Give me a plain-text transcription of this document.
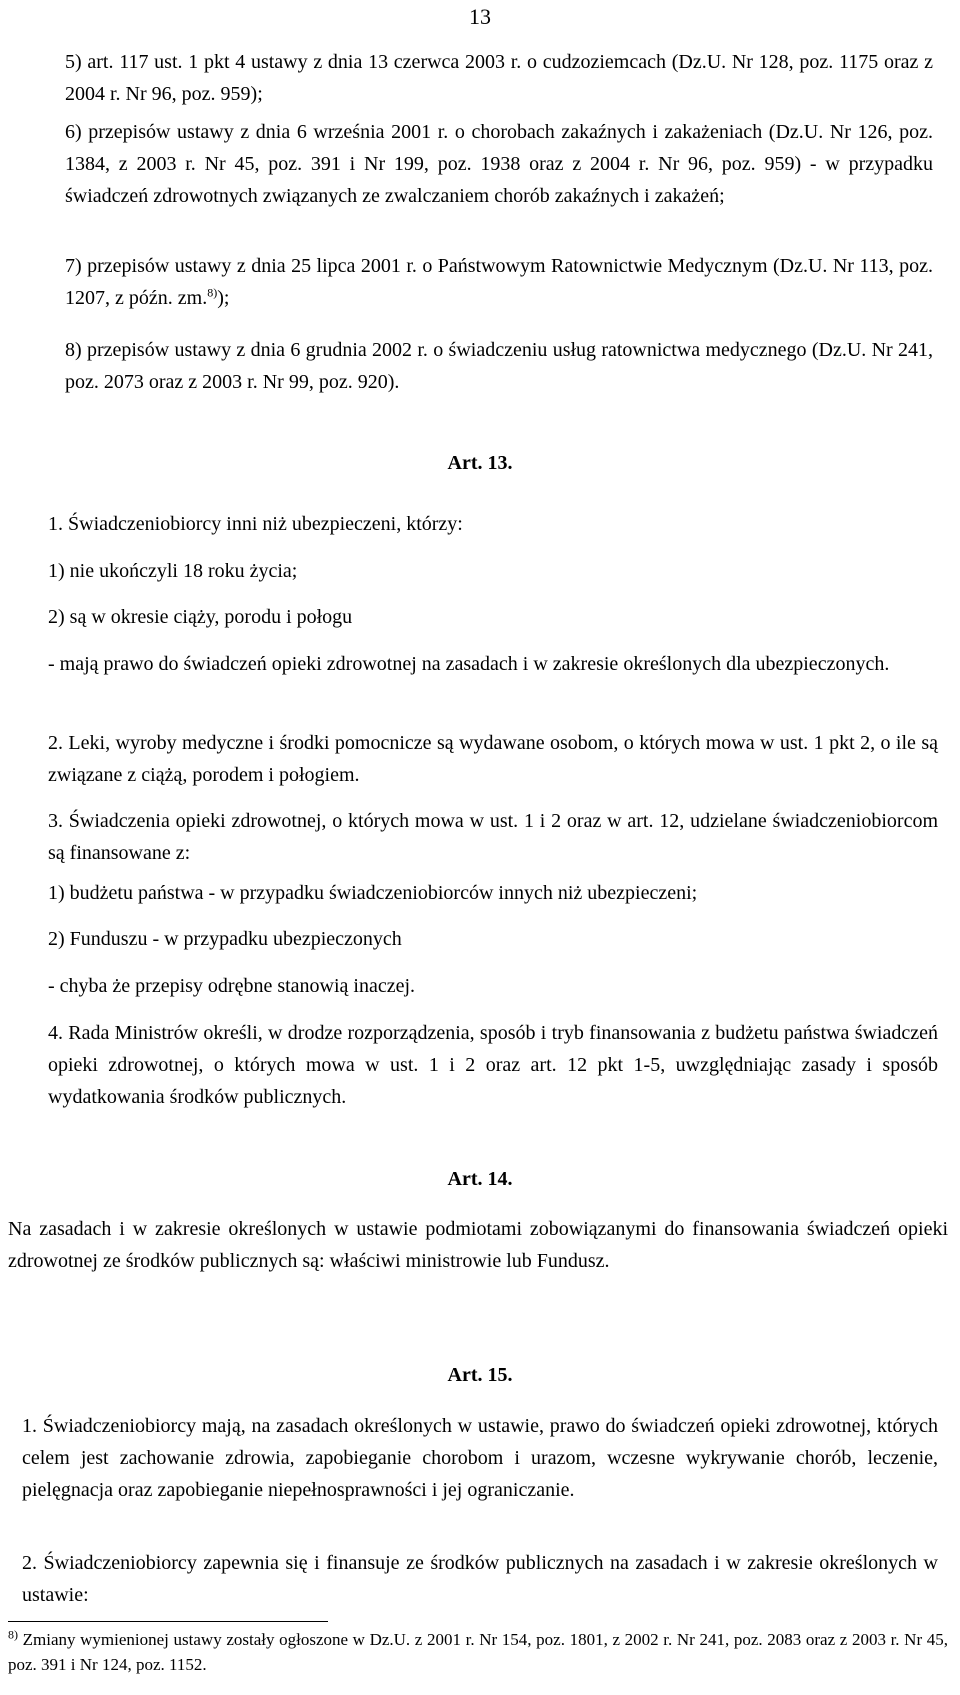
13

5) art. 117 ust. 1 pkt 4 ustawy z dnia 13 czerwca 2003 r. o cudzoziemcach (Dz.U. Nr 128, poz. 1175 oraz z 2004 r. Nr 96, poz. 959);

6) przepisów ustawy z dnia 6 września 2001 r. o chorobach zakaźnych i zakażeniach (Dz.U. Nr 126, poz. 1384, z 2003 r. Nr 45, poz. 391 i Nr 199, poz. 1938 oraz z 2004 r. Nr 96, poz. 959) - w przypadku świadczeń zdrowotnych związanych ze zwalczaniem chorób zakaźnych i zakażeń;

7) przepisów ustawy z dnia 25 lipca 2001 r. o Państwowym Ratownictwie Medycznym (Dz.U. Nr 113, poz. 1207, z późn. zm.$^{8)}$);

8) przepisów ustawy z dnia 6 grudnia 2002 r. o świadczeniu usług ratownictwa medycznego (Dz.U. Nr 241, poz. 2073 oraz z 2003 r. Nr 99, poz. 920).

Art. 13.

1. Świadczeniobiorcy inni niż ubezpieczeni, którzy:

1) nie ukończyli 18 roku życia;

2) są w okresie ciąży, porodu i połogu

- mają prawo do świadczeń opieki zdrowotnej na zasadach i w zakresie określonych dla ubezpieczonych.

2. Leki, wyroby medyczne i środki pomocnicze są wydawane osobom, o których mowa w ust. 1 pkt 2, o ile są związane z ciążą, porodem i połogiem.

3. Świadczenia opieki zdrowotnej, o których mowa w ust. 1 i 2 oraz w art. 12, udzielane świadczeniobiorcom są finansowane z:

1) budżetu państwa - w przypadku świadczeniobiorców innych niż ubezpieczeni;

2) Funduszu - w przypadku ubezpieczonych

- chyba że przepisy odrębne stanowią inaczej.

4. Rada Ministrów określi, w drodze rozporządzenia, sposób i tryb finansowania z budżetu państwa świadczeń opieki zdrowotnej, o których mowa w ust. 1 i 2 oraz art. 12 pkt 1-5, uwzględniając zasady i sposób wydatkowania środków publicznych.

Art. 14.

Na zasadach i w zakresie określonych w ustawie podmiotami zobowiązanymi do finansowania świadczeń opieki zdrowotnej ze środków publicznych są: właściwi ministrowie lub Fundusz.

Art. 15.

1. Świadczeniobiorcy mają, na zasadach określonych w ustawie, prawo do świadczeń opieki zdrowotnej, których celem jest zachowanie zdrowia, zapobieganie chorobom i urazom, wczesne wykrywanie chorób, leczenie, pielęgnacja oraz zapobieganie niepełnosprawności i jej ograniczanie.

2. Świadczeniobiorcy zapewnia się i finansuje ze środków publicznych na zasadach i w zakresie określonych w ustawie:

$^{8)}$ Zmiany wymienionej ustawy zostały ogłoszone w Dz.U. z 2001 r. Nr 154, poz. 1801, z 2002 r. Nr 241, poz. 2083 oraz z 2003 r. Nr 45, poz. 391 i Nr 124, poz. 1152.
